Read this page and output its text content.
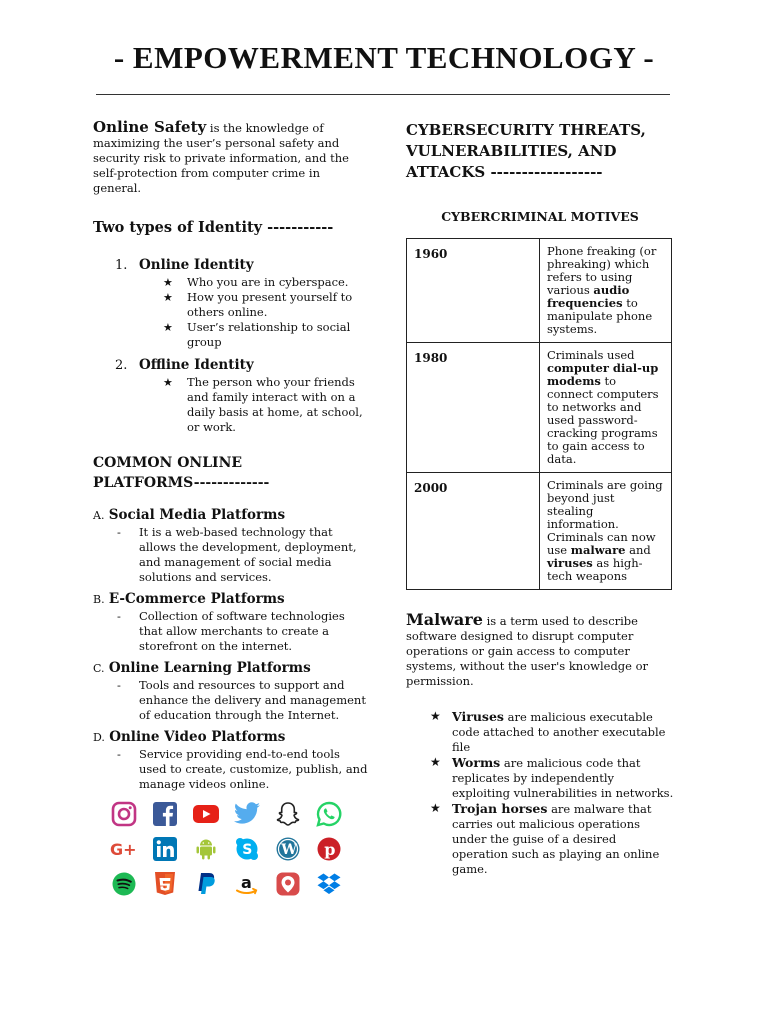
- EMPOWERMENT TECHNOLOGY -

Online Safety is the knowledge of maximizing the user’s personal safety and security risk to private information, and the self-protection from computer crime in general.

Two types of Identity -----------
1. Online Identity
★ Who you are in cyberspace.
★ How you present yourself to others online.
★ User’s relationship to social group
2. Offline Identity
★ The person who your friends and family interact with on a daily basis at home, at school, or work.
COMMON ONLINE PLATFORMS-------------
A. Social Media Platforms
- It is a web-based technology that allows the development, deployment, and management of social media solutions and services.
B. E-Commerce Platforms
- Collection of software technologies that allow merchants to create a storefront on the internet.
C. Online Learning Platforms
- Tools and resources to support and enhance the delivery and management of education through the Internet.
D. Online Video Platforms
- Service providing end-to-end tools used to create, customize, publish, and manage videos online.
G+	S W p
a
CYBERSECURITY THREATS, VULNERABILITIES, AND ATTACKS ------------------
CYBERCRIMINAL MOTIVES
1960	Phone freaking (or phreaking) which refers to using various audio frequencies to manipulate phone systems.
1980	Criminals used computer dial-up modems to connect computers to networks and used password-cracking programs to gain access to data.
2000	Criminals are going beyond just stealing information. Criminals can now use malware and viruses as high-tech weapons

Malware is a term used to describe software designed to disrupt computer operations or gain access to computer systems, without the user's knowledge or permission.

★ Viruses are malicious executable code attached to another executable file
★ Worms are malicious code that replicates by independently exploiting vulnerabilities in networks.
★ Trojan horses are malware that carries out malicious operations under the guise of a desired operation such as playing an online game.
